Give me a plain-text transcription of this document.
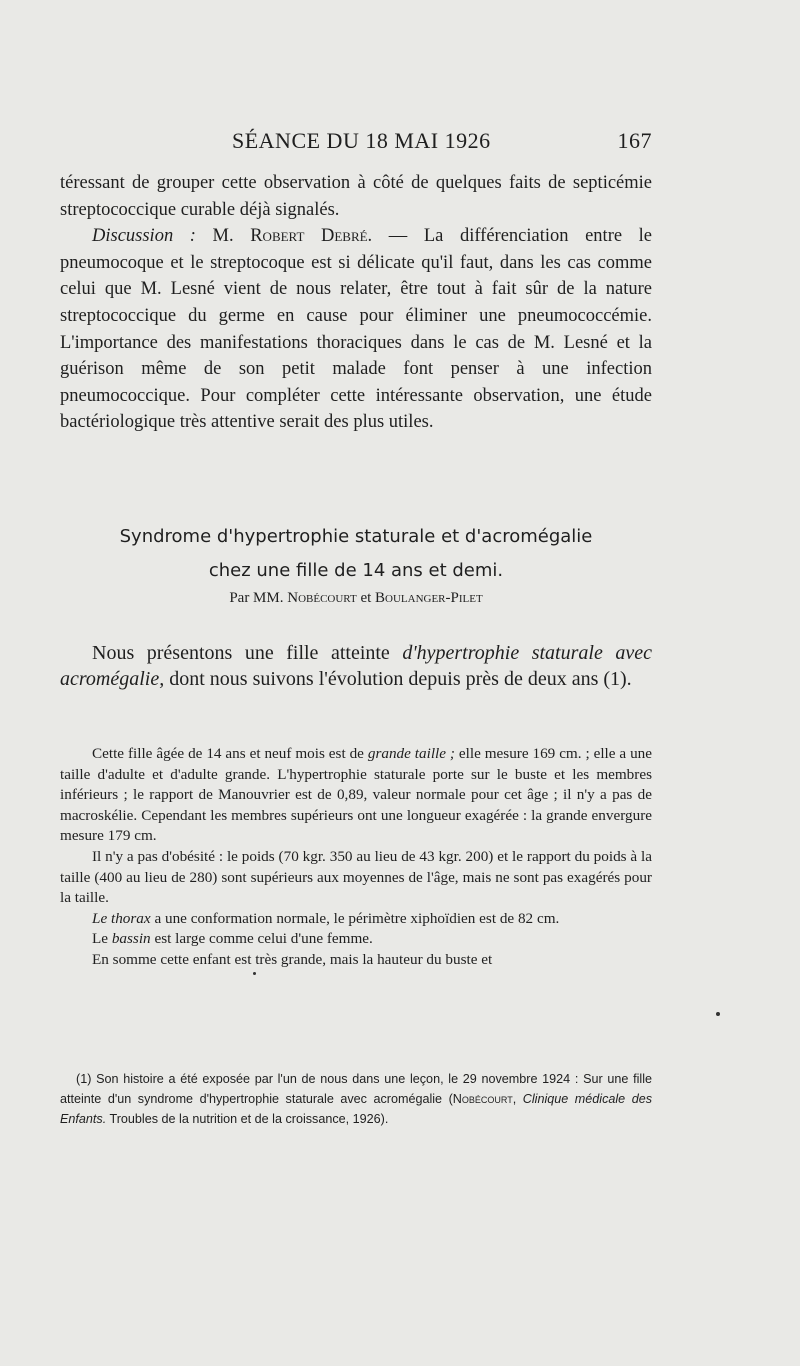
SÉANCE DU 18 MAI 1926	167

téressant de grouper cette observation à côté de quelques faits de septicémie streptococcique curable déjà signalés.

Discussion : M. Robert Debré. — La différenciation entre le pneumocoque et le streptocoque est si délicate qu'il faut, dans les cas comme celui que M. Lesné vient de nous relater, être tout à fait sûr de la nature streptococcique du germe en cause pour éliminer une pneumococcémie. L'importance des manifestations thoraciques dans le cas de M. Lesné et la guérison même de son petit malade font penser à une infection pneumococcique. Pour compléter cette intéressante observation, une étude bactériologique très attentive serait des plus utiles.

Syndrome d'hypertrophie staturale et d'acromégalie
chez une fille de 14 ans et demi.
Par MM. Nobécourt et Boulanger-Pilet

Nous présentons une fille atteinte d'hypertrophie staturale avec acromégalie, dont nous suivons l'évolution depuis près de deux ans (1).

Cette fille âgée de 14 ans et neuf mois est de grande taille ; elle mesure 169 cm. ; elle a une taille d'adulte et d'adulte grande. L'hypertrophie staturale porte sur le buste et les membres inférieurs ; le rapport de Manouvrier est de 0,89, valeur normale pour cet âge ; il n'y a pas de macroskélie. Cependant les membres supérieurs ont une longueur exagérée : la grande envergure mesure 179 cm.

Il n'y a pas d'obésité : le poids (70 kgr. 350 au lieu de 43 kgr. 200) et le rapport du poids à la taille (400 au lieu de 280) sont supérieurs aux moyennes de l'âge, mais ne sont pas exagérés pour la taille.

Le thorax a une conformation normale, le périmètre xiphoïdien est de 82 cm.

Le bassin est large comme celui d'une femme.

En somme cette enfant est très grande, mais la hauteur du buste et

(1) Son histoire a été exposée par l'un de nous dans une leçon, le 29 novembre 1924 : Sur une fille atteinte d'un syndrome d'hypertrophie staturale avec acromégalie (Nobécourt, Clinique médicale des Enfants. Troubles de la nutrition et de la croissance, 1926).
